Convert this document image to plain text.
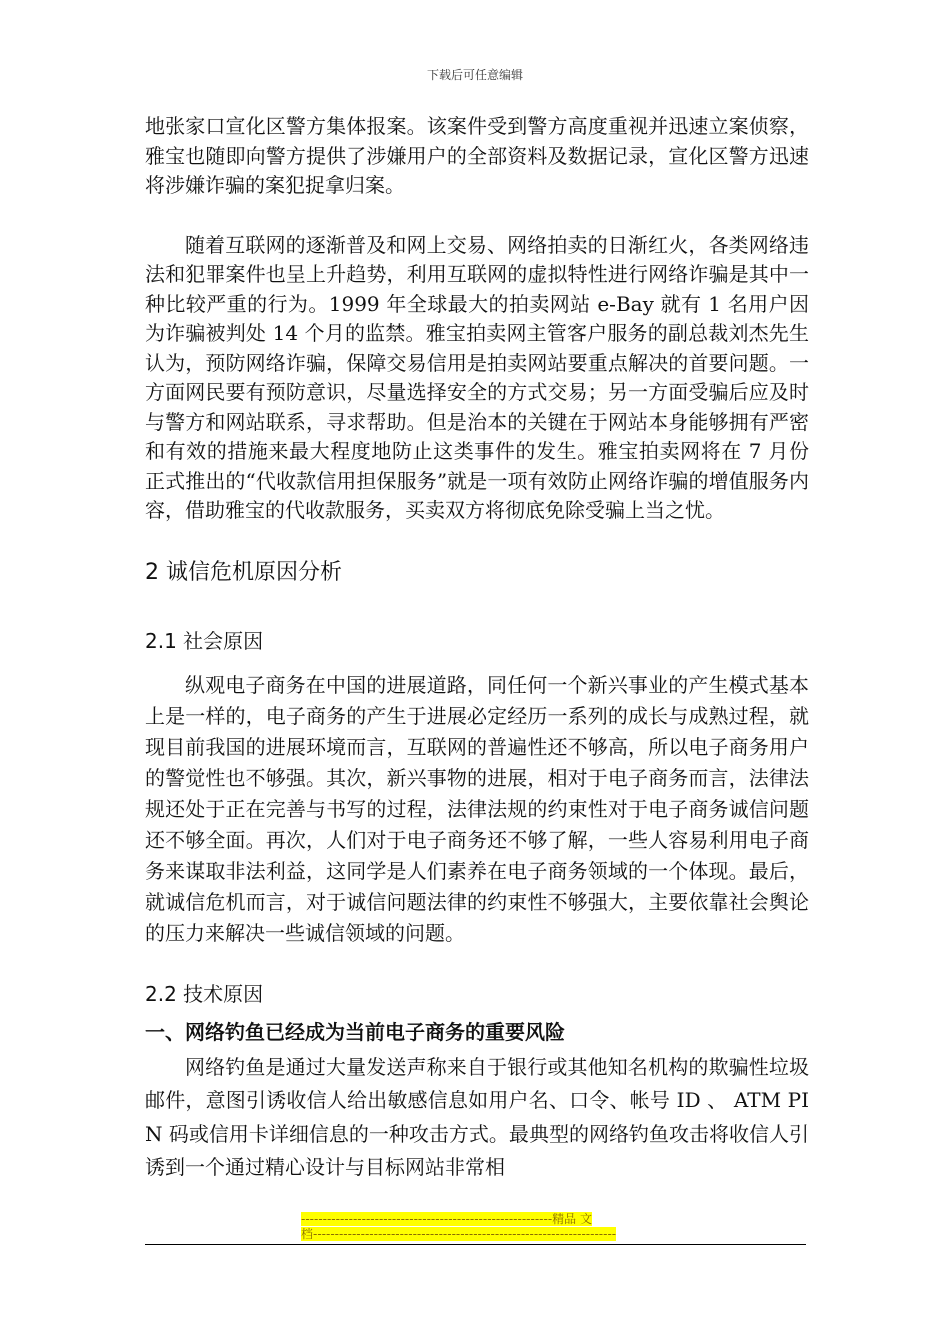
下载后可任意编辑

地张家口宣化区警方集体报案。该案件受到警方高度重视并迅速立案侦察，雅宝也随即向警方提供了涉嫌用户的全部资料及数据记录，宣化区警方迅速将涉嫌诈骗的案犯捉拿归案。

随着互联网的逐渐普及和网上交易、网络拍卖的日渐红火，各类网络违法和犯罪案件也呈上升趋势，利用互联网的虚拟特性进行网络诈骗是其中一种比较严重的行为。1999 年全球最大的拍卖网站 e-Bay 就有 1 名用户因为诈骗被判处 14 个月的监禁。雅宝拍卖网主管客户服务的副总裁刘杰先生认为，预防网络诈骗，保障交易信用是拍卖网站要重点解决的首要问题。一方面网民要有预防意识，尽量选择安全的方式交易；另一方面受骗后应及时与警方和网站联系，寻求帮助。但是治本的关键在于网站本身能够拥有严密和有效的措施来最大程度地防止这类事件的发生。雅宝拍卖网将在 7 月份正式推出的“代收款信用担保服务”就是一项有效防止网络诈骗的增值服务内容，借助雅宝的代收款服务，买卖双方将彻底免除受骗上当之忧。

2 诚信危机原因分析
2.1 社会原因

纵观电子商务在中国的进展道路，同任何一个新兴事业的产生模式基本上是一样的，电子商务的产生于进展必定经历一系列的成长与成熟过程，就现目前我国的进展环境而言，互联网的普遍性还不够高，所以电子商务用户的警觉性也不够强。其次，新兴事物的进展，相对于电子商务而言，法律法规还处于正在完善与书写的过程，法律法规的约束性对于电子商务诚信问题还不够全面。再次，人们对于电子商务还不够了解，一些人容易利用电子商务来谋取非法利益，这同学是人们素养在电子商务领域的一个体现。最后，就诚信危机而言，对于诚信问题法律的约束性不够强大，主要依靠社会舆论的压力来解决一些诚信领域的问题。

2.2 技术原因
一、网络钓鱼已经成为当前电子商务的重要风险

网络钓鱼是通过大量发送声称来自于银行或其他知名机构的欺骗性垃圾邮件，意图引诱收信人给出敏感信息如用户名、口令、帐号 ID 、 ATM PIN 码或信用卡详细信息的一种攻击方式。最典型的网络钓鱼攻击将收信人引诱到一个通过精心设计与目标网站非常相

----------------------------------------------------------精品 文
档----------------------------------------------------------------------
